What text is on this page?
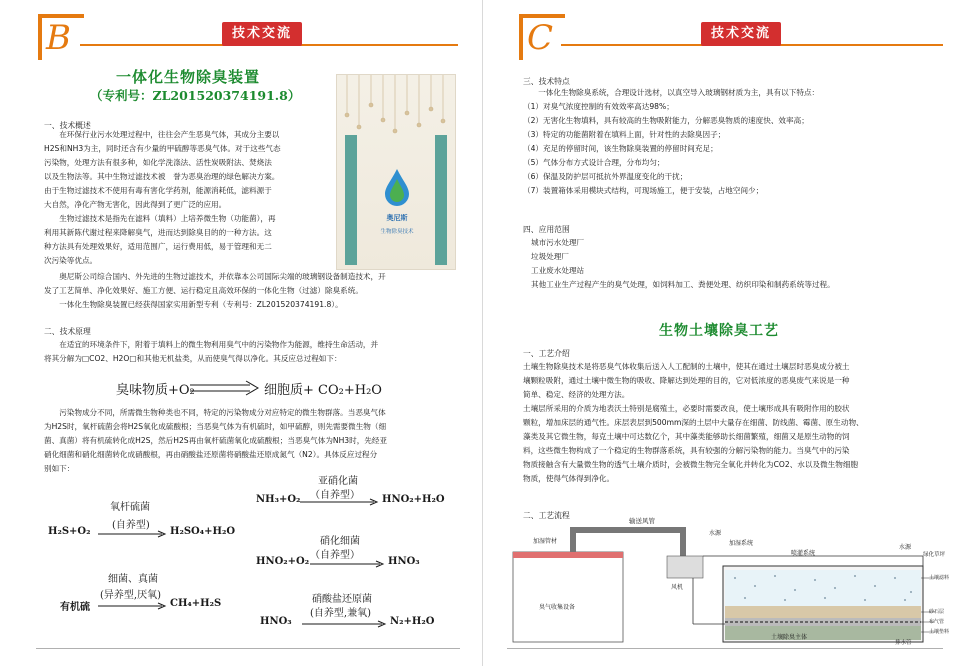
B	技术交流
一体化生物除臭装置
（专利号：ZL201520374191.8）
奥尼斯
生物除臭技术
一、技术概述

在环保行业污水处理过程中，往往会产生恶臭气体，其成分主要以

H2S和NH3为主，同时还含有少量的甲硫醇等恶臭气体。对于这些气态

污染物，处理方法有很多种，如化学洗涤法、活性炭吸附法、焚烧法

以及生物法等。其中生物过滤技术被　誉为恶臭治理的绿色解决方案。

由于生物过滤技术不使用有毒有害化学药剂，能源消耗低，滤料源于

大自然，净化产物无害化，因此得到了更广泛的应用。

生物过滤技术是指先在滤料（填料）上培养微生物（功能菌），再

利用其新陈代谢过程来降解臭气，进而达到除臭目的的一种方法。这

种方法具有处理效果好，适用范围广，运行费用低，易于管理和无二

次污染等优点。

奥尼斯公司综合国内、外先进的生物过滤技术，并依靠本公司国际尖端的玻璃钢设备制造技术，开

发了工艺简单、净化效果好、施工方便、运行稳定且高效环保的一体化生物（过滤）除臭系统。

一体化生物除臭装置已经获得国家实用新型专利（专利号：ZL201520374191.8）。

二、技术原理

在适宜的环境条件下，附着于填料上的微生物利用臭气中的污染物作为能源，维持生命活动，并

将其分解为□CO2、H2O□和其他无机盐类，从而使臭气得以净化。其反应总过程如下：

臭味物质+O₂	细胞质+ CO₂+H₂O

污染物成分不同，所需微生物种类也不同，特定的污染物成分对应特定的微生物群落。当恶臭气体

为H2S时，氧杆硫菌会将H2S氧化成硫酸根；当恶臭气体为有机硫时，如甲硫醇，则先需要微生物（细

菌、真菌）将有机硫转化成H2S，然后H2S再由氧杆硫菌氧化成硫酸根；当恶臭气体为NH3时，先经亚

硝化细菌和硝化细菌转化成硝酸根，再由硝酸盐还原菌将硝酸盐还原成氮气（N2）。具体反应过程分

别如下：

H₂S+O₂
氧杆硫菌
(自养型)
H₂SO₄+H₂O
有机硫
细菌、真菌
(异养型,厌氧)
CH₄+H₂S
NH₃+O₂
亚硝化菌
（自养型） HNO₂+H₂O
HNO₂+O₂
硝化细菌
（自养型）
HNO₃
HNO₃
硝酸盐还原菌
(自养型,兼氧)
N₂+H₂O
C	技术交流
三、技术特点

一体化生物除臭系统，合理设计选材，以真空导入玻璃钢材质为主，具有以下特点：

（1）对臭气浓度控制的有效效率高达98%；

（2）无害化生物填料，具有较高的生物吸附能力，分解恶臭物质的速度快、效率高；

（3）特定的功能菌附着在填料上面，针对性的去除臭因子；

（4）充足的停留时间，该生物除臭装置的停留时间充足；

（5）气体分布方式设计合理，分布均匀；

（6）保温及防护层可抵抗外界温度变化的干扰；

（7）装置箱体采用模块式结构，可现场施工，便于安装，占地空间少；

四、应用范围

城市污水处理厂

垃圾处理厂

工业废水处理站

其他工业生产过程产生的臭气处理，如饲料加工、粪便处理、纺织印染和制药系统等过程。

生物土壤除臭工艺
一、工艺介绍

土壤生物除臭技术是将恶臭气体收集后送入人工配制的土壤中，使其在通过土壤层时恶臭成分被土

壤颗粒吸附，通过土壤中微生物的吸收、降解达到处理的目的，它对低浓度的恶臭废气来说是一种

简单、稳定、经济的处理方法。

土壤层所采用的介质为地表沃土特别是腐殖土，必要时需要改良，使土壤形成具有吸附作用的胶状

颗粒，增加床层的通气性。床层表层到500mm深的土层中大量存在细菌、防线菌、霉菌、原生动物、

藻类及其它微生物，每克土壤中可达数亿个，其中藻类能够助长细菌繁殖，细菌又是原生动物的饲

料，这些微生物构成了一个稳定的生物群落系统，具有较强的分解污染物的能力。当臭气中的污染

物质接触含有大量微生物的透气土壤介质时，会被微生物完全氧化并转化为CO2、水以及微生物细胞

物质，使得气体得到净化。

二、工艺流程
输送风管
加湿管材	加湿系统
喷灌系统
水源
水源
绿化草坪
风机
臭气收集设备
土壤除臭主体
排水管
土壤滤料
砂石层
布气管
土壤垫料
